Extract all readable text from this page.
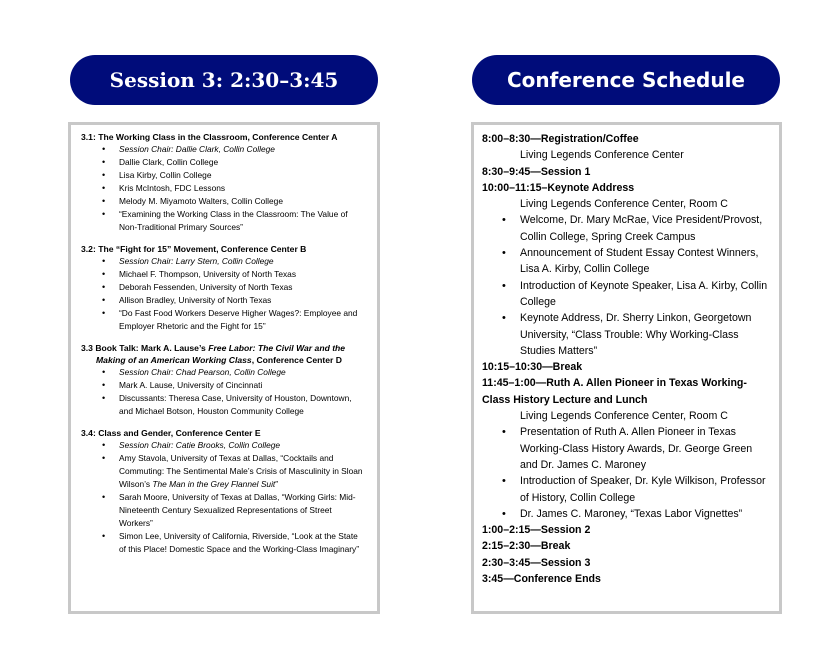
Session 3: 2:30–3:45	Conference Schedule
3.1: The Working Class in the Classroom, Conference Center A
• Session Chair: Dallie Clark, Collin College
• Dallie Clark, Collin College
• Lisa Kirby, Collin College
• Kris McIntosh, FDC Lessons
• Melody M. Miyamoto Walters, Collin College
• “Examining the Working Class in the Classroom: The Value of Non-Traditional Primary Sources”
3.2: The “Fight for 15” Movement, Conference Center B
• Session Chair: Larry Stern, Collin College
• Michael F. Thompson, University of North Texas
• Deborah Fessenden, University of North Texas
• Allison Bradley, University of North Texas
• “Do Fast Food Workers Deserve Higher Wages?: Employee and Employer Rhetoric and the Fight for 15”
3.3 Book Talk: Mark A. Lause’s Free Labor: The Civil War and the
Making of an American Working Class, Conference Center D
• Session Chair: Chad Pearson, Collin College
• Mark A. Lause, University of Cincinnati
• Discussants: Theresa Case, University of Houston, Downtown, and Michael Botson, Houston Community College
3.4: Class and Gender, Conference Center E
• Session Chair: Catie Brooks, Collin College
• Amy Stavola, University of Texas at Dallas, “Cocktails and Commuting: The Sentimental Male’s Crisis of Masculinity in Sloan Wilson’s The Man in the Grey Flannel Suit”
• Sarah Moore, University of Texas at Dallas, “Working Girls: Mid-Nineteenth Century Sexualized Representations of Street Workers”
• Simon Lee, University of California, Riverside, “Look at the State of this Place! Domestic Space and the Working-Class Imaginary”
8:00–8:30—Registration/Coffee
Living Legends Conference Center
8:30–9:45—Session 1
10:00–11:15–Keynote Address
Living Legends Conference Center, Room C
• Welcome, Dr. Mary McRae, Vice President/Provost, Collin College, Spring Creek Campus
• Announcement of Student Essay Contest Winners, Lisa A. Kirby, Collin College
• Introduction of Keynote Speaker, Lisa A. Kirby, Collin College
• Keynote Address, Dr. Sherry Linkon, Georgetown University, “Class Trouble: Why Working-Class Studies Matters”
10:15–10:30—Break
11:45–1:00—Ruth A. Allen Pioneer in Texas Working-Class History Lecture and Lunch
Living Legends Conference Center, Room C
• Presentation of Ruth A. Allen Pioneer in Texas Working-Class History Awards, Dr. George Green and Dr. James C. Maroney
• Introduction of Speaker, Dr. Kyle Wilkison, Professor of History, Collin College
• Dr. James C. Maroney, “Texas Labor Vignettes”
1:00–2:15—Session 2
2:15–2:30—Break
2:30–3:45—Session 3
3:45—Conference Ends
